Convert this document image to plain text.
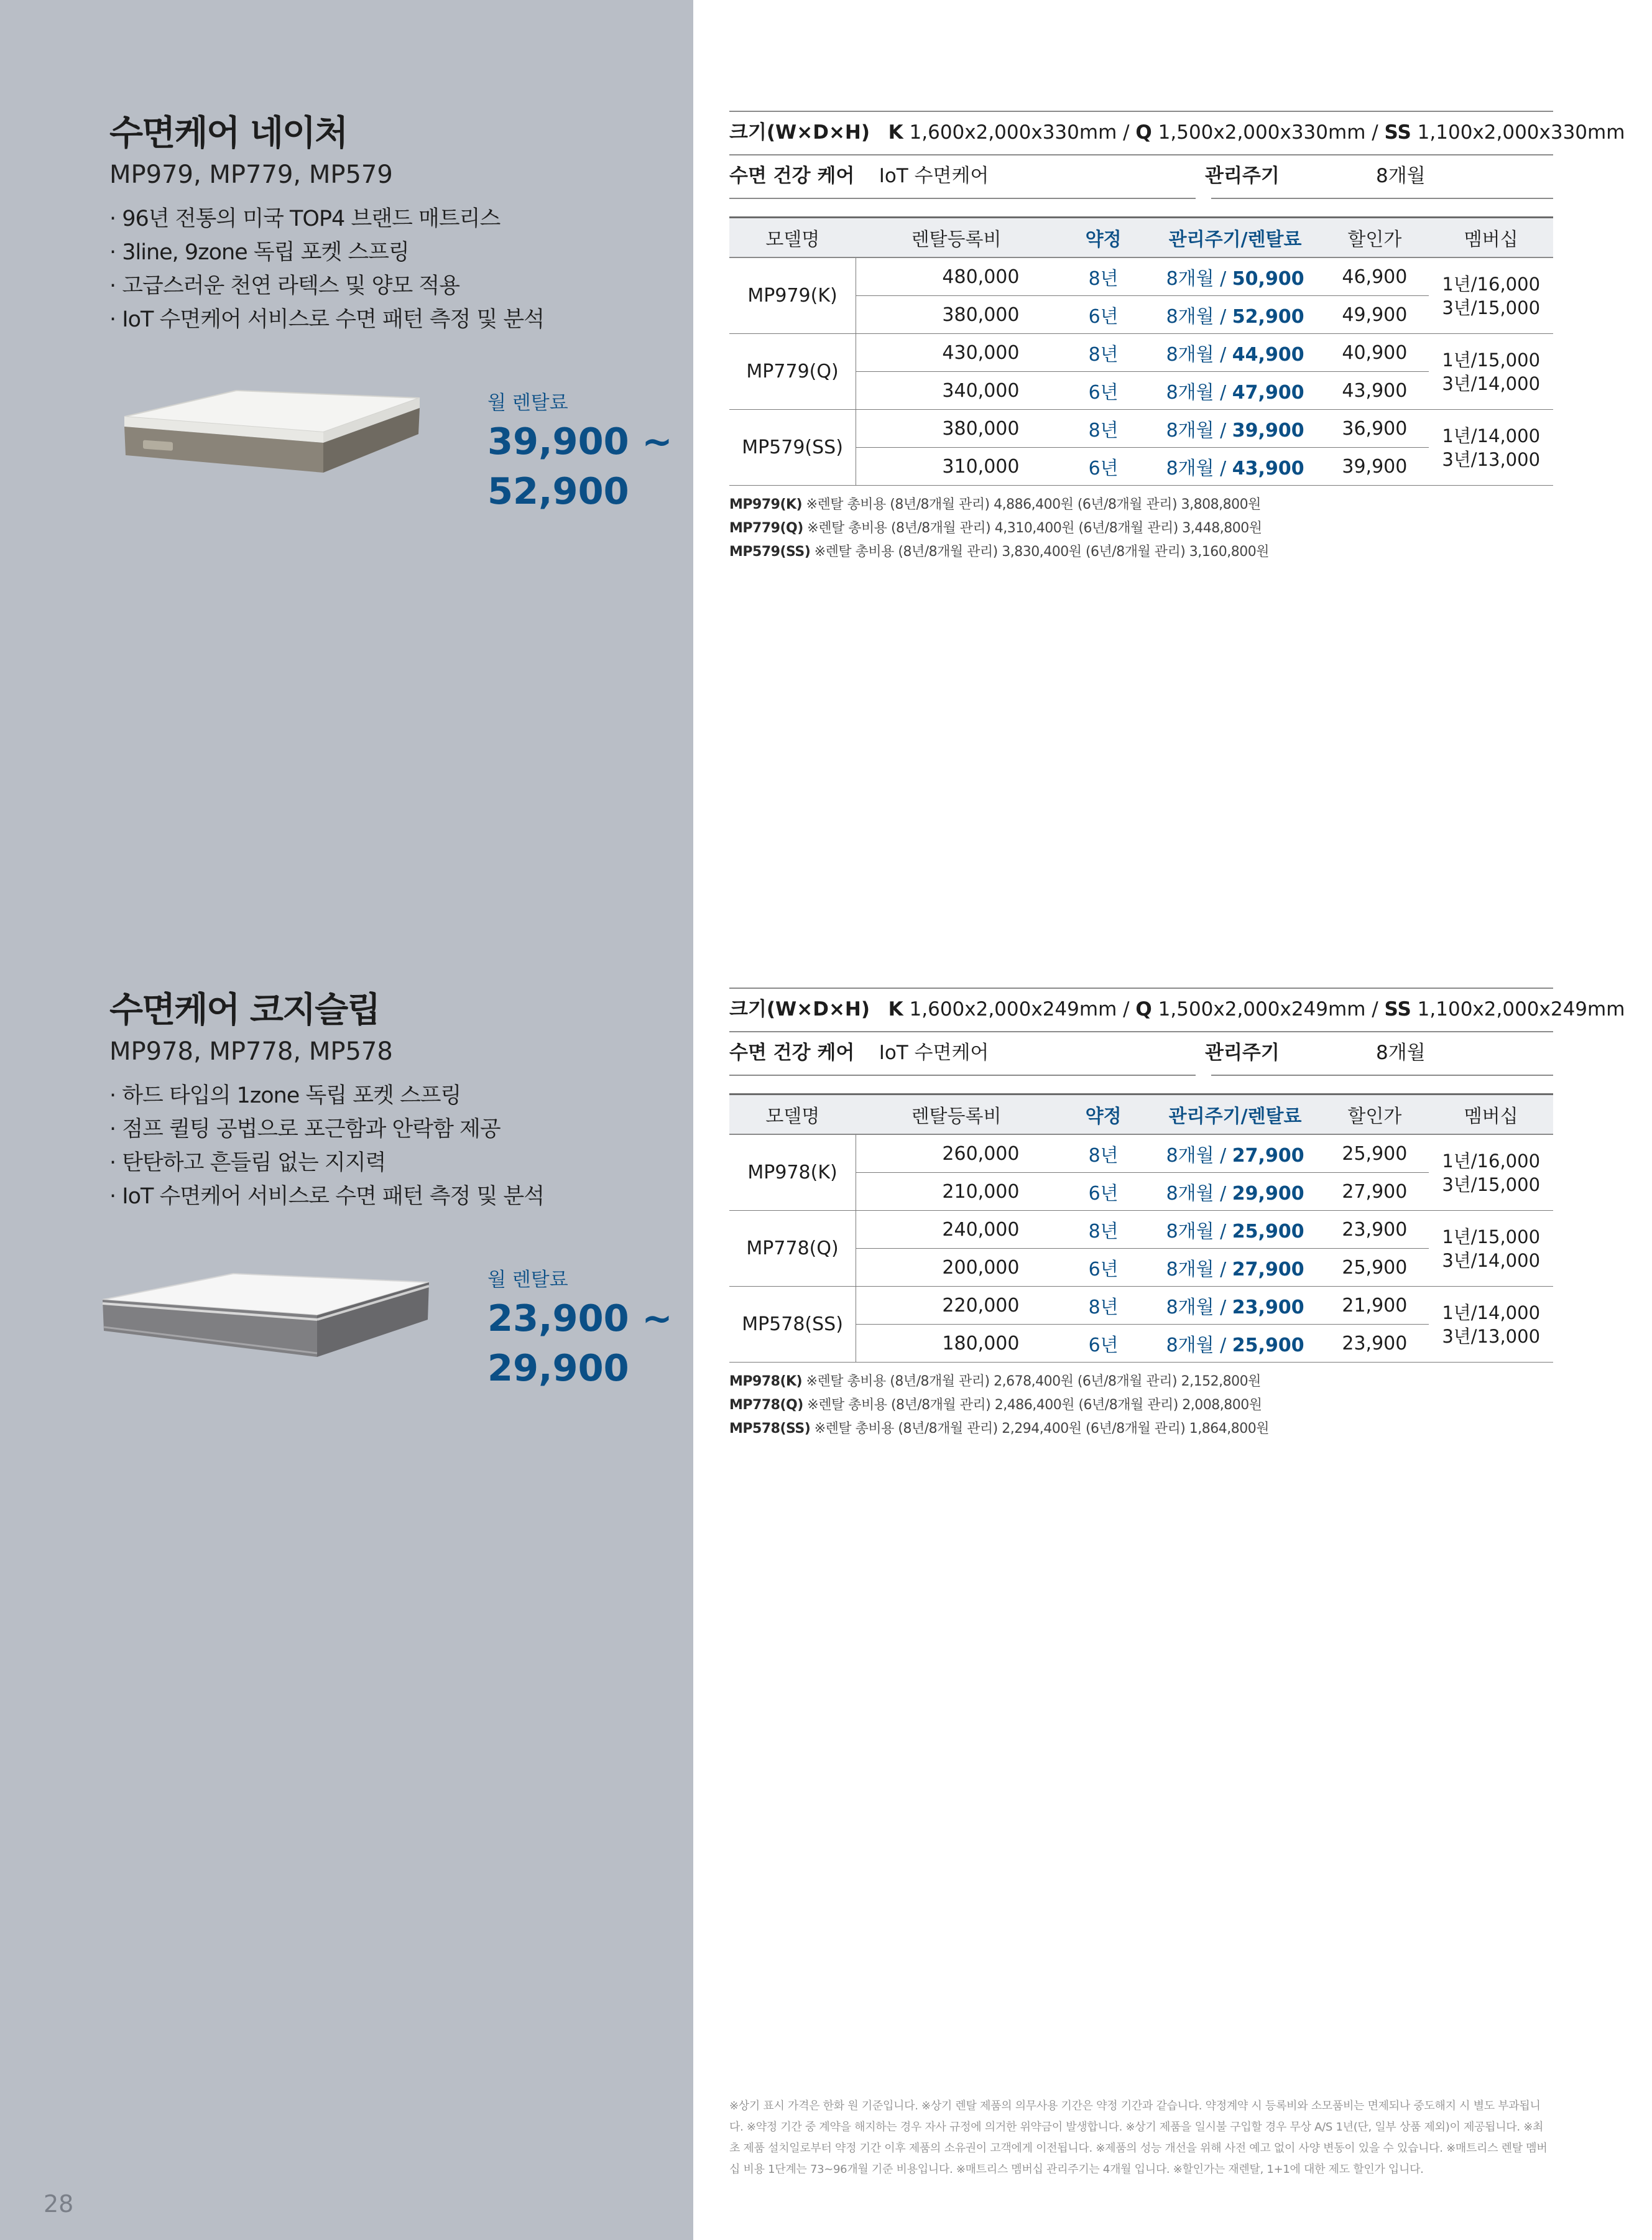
수면케어 네이처
MP979, MP779, MP579
· 96년 전통의 미국 TOP4 브랜드 매트리스
· 3line, 9zone 독립 포켓 스프링
· 고급스러운 천연 라텍스 및 양모 적용
· IoT 수면케어 서비스로 수면 패턴 측정 및 분석
월 렌탈료
39,900 ~
52,900
크기(W×D×H) K 1,600x2,000x330mm / Q 1,500x2,000x330mm / SS 1,100x2,000x330mm
수면 건강 케어 IoT 수면케어	관리주기	8개월
모델명	렌탈등록비	약정	관리주기/렌탈료	할인가	멤버십
MP979(K)	480,000	8년	8개월 / 50,900	46,900	1년/16,000
3년/15,000
	380,000	6년	8개월 / 52,900	49,900	
MP779(Q)	430,000	8년	8개월 / 44,900	40,900	1년/15,000
3년/14,000
	340,000	6년	8개월 / 47,900	43,900	
MP579(SS)	380,000	8년	8개월 / 39,900	36,900	1년/14,000
3년/13,000
	310,000	6년	8개월 / 43,900	39,900	
MP979(K) ※렌탈 총비용 (8년/8개월 관리) 4,886,400원 (6년/8개월 관리) 3,808,800원
MP779(Q) ※렌탈 총비용 (8년/8개월 관리) 4,310,400원 (6년/8개월 관리) 3,448,800원
MP579(SS) ※렌탈 총비용 (8년/8개월 관리) 3,830,400원 (6년/8개월 관리) 3,160,800원
수면케어 코지슬립
MP978, MP778, MP578
· 하드 타입의 1zone 독립 포켓 스프링
· 점프 퀼팅 공법으로 포근함과 안락함 제공
· 탄탄하고 흔들림 없는 지지력
· IoT 수면케어 서비스로 수면 패턴 측정 및 분석
월 렌탈료
23,900 ~
29,900
크기(W×D×H) K 1,600x2,000x249mm / Q 1,500x2,000x249mm / SS 1,100x2,000x249mm
수면 건강 케어 IoT 수면케어	관리주기	8개월
모델명	렌탈등록비	약정	관리주기/렌탈료	할인가	멤버십
MP978(K)	260,000	8년	8개월 / 27,900	25,900	1년/16,000
3년/15,000
	210,000	6년	8개월 / 29,900	27,900	
MP778(Q)	240,000	8년	8개월 / 25,900	23,900	1년/15,000
3년/14,000
	200,000	6년	8개월 / 27,900	25,900	
MP578(SS)	220,000	8년	8개월 / 23,900	21,900	1년/14,000
3년/13,000
	180,000	6년	8개월 / 25,900	23,900	
MP978(K) ※렌탈 총비용 (8년/8개월 관리) 2,678,400원 (6년/8개월 관리) 2,152,800원
MP778(Q) ※렌탈 총비용 (8년/8개월 관리) 2,486,400원 (6년/8개월 관리) 2,008,800원
MP578(SS) ※렌탈 총비용 (8년/8개월 관리) 2,294,400원 (6년/8개월 관리) 1,864,800원
※상기 표시 가격은 한화 원 기준입니다. ※상기 렌탈 제품의 의무사용 기간은 약정 기간과 같습니다. 약정계약 시 등록비와 소모품비는 면제되나 중도해지 시 별도 부과됩니다. ※약정 기간 중 계약을 해지하는 경우 자사 규정에 의거한 위약금이 발생합니다. ※상기 제품을 일시불 구입할 경우 무상 A/S 1년(단, 일부 상품 제외)이 제공됩니다. ※최초 제품 설치일로부터 약정 기간 이후 제품의 소유권이 고객에게 이전됩니다. ※제품의 성능 개선을 위해 사전 예고 없이 사양 변동이 있을 수 있습니다. ※매트리스 렌탈 멤버십 비용 1단계는 73~96개월 기준 비용입니다. ※매트리스 멤버십 관리주기는 4개월 입니다. ※할인가는 재렌탈, 1+1에 대한 제도 할인가 입니다.
28
